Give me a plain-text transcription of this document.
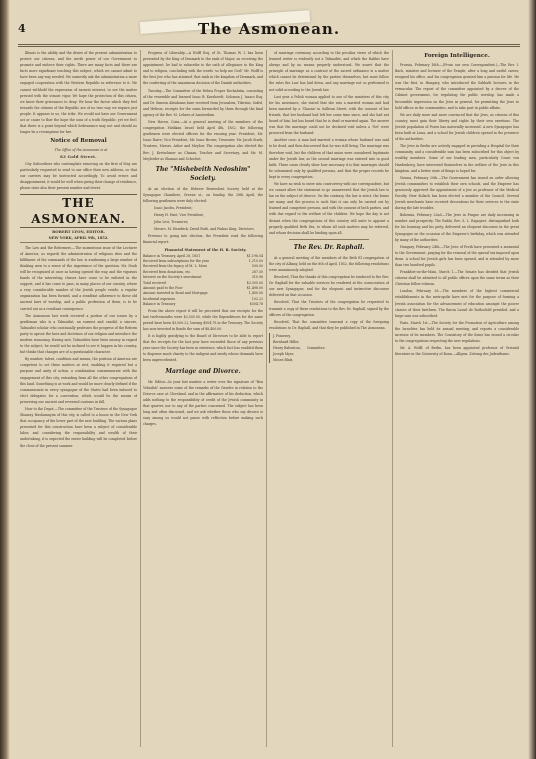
4	The Asmonean.

Illinois is the ability and the desire of the present administration to protect our citizens, and the worth power of our Government to promote and enforce their rights. There are many facts and there are facts more significant touching this subject, which we cannot admit to have been any way needed. We earnestly ask the administration a more engaged cooperation with the Western Republic in reference to it. We cannot withhold the expression of earnest interest, to see the matter pressed with the utmost vigor. We hope the protection of this citizen, we know their grievances to deny. We hear the factor which they feel towards the citizens of the Republic are of no true way we require just people. It appears to us, the tribe. We would not have our Government act or cause to flow the hope the sons of a truth Republic, yet we fee1 that there is a point beyond which forbearance may not and should no longer be a recompense for her.

Notice of Removal

The Office of the Asmonean is at

83 Gold Street.

City Subscribers who contemplate removing on the first of May are particularly requested to send to our office their new address, so that our carriers may be instructed accordingly. To avoid errors and disappointment, it would be well when giving their change of residence, please state also their present number and street.

THE ASMONEAN.
ROBERT LYON, EDITOR.
NEW YORK, APRIL 9th, 1852.

The Law and the Reformers.—The momentous issue of the Lecturer of America, as regards the administration of religious rites and the fulfilment of the commands of the law, is awakening a large number of thinking men to a sense of the importance of the question. Mr. Noah will be recognized at once as having opened the way, and the vigorous hands of the interesting classes have come to be enlisted in the support, and it has come to pass, in many places of our country, where a very considerable number of the Jewish people reside, a regular organization has been formed, and a steadfast adherence to these old ancient laws of worship, and a public profession of them, is to be carried out as a resultant consequence.

The Asmonean last week received a portion of our issues by a gentleman who is a Talmudist, an earnest and candid, a sincere, Talmudist scholar who continually professes the progress of the Reform party to uproot the laws and doctrines of our religion and introduce the modern reasoning. Having met, Talmudists have been uneasy in regard to the subject; he would not be inclined to see it happen in his country, but thinks that changes are of a questionable character.

By number, talent, condition and means, the position of America are competent to set these matters at rest, enabling it required but a purpose and unity of action, a combination commensurate with the engagement of this city, extending from all the other congregations of this land. Something is at work and would be more clearly defined if the communicants in every synagogue of the States had been induced to elect delegates for a convention, which would be the means of preserving our ancient and reverend customs in full.

How to the Depot.—The committee of the Trustees of the Synagogue Shaaray Hashamayim of this city, is called to a house in the New York that occupancy of the lower part of the new building. The various plans presented for this construction have been a subject of considerable labor, and considering the responsibility and wealth of their undertaking, it is expected the entire building will be completed before the close of the present summer.

Progress of Liberality.—A Wolff Esq. of St. Thomas W. I. has been presented by the King of Denmark to the rank of Major, on receiving the appointment, he had to subscribe to the oath of allegiance to the King and to religion, concluding with the words 'so help me God!' Mr. Wolff is the first Jew who has attained, that rank in the kingdom of Denmark, and the conferring of the unanimous decision of the Danish authorities.

Tuesday.—The Committee of the Hebra Proper Rechabrim, consisting of the venerable and learned Isaac B. Kursheedt, Solomon J. Isaacs Esq. and Dr. Simeon Abrahams have received from Jerusalem, Tiberias, Safed, and Hebron, receipts for the sums forwarded by them through the kind agency of the Rev. M. Lehren of Amsterdam.

New Haven, Conn.—At a general meeting of the members of the congregation Mishkan Israel held April 4th, 1852, the following gentlemen were elected officers for the ensuing year: President, Mr. Isaac Raive; Vice President, Mr. Isaac Brown; Treasurer, Mr. Jacob Stark; Trustees, Messrs. Asher and Meylow. The congregation also elected the Rev. J. Kretschmer as Chazan, Teacher and Secretary, and Mr. M. Meyleider as Shamas and Schochet.

The "Mishebeith Nedoshim" Society.

At an election of the Hebrew Benevolent Society held at the Synagogue Chambers, Greene st., on Sunday, the 28th April, the following gentlemen were duly elected:

Isaac Jacobs, President;

Henry H. Hart, Vice President;

John Levi, Treasurer;

Messrs. M. Hendrick, David Ruth, and Pinkus King, Directors.

Previous to going into election, the President read the following financial report:

Financial Statement of the H. B. Society.

Balance in Treasury, April 28, 1851	$1,196.54
Received from subscriptions for the year	1,210.00
Received from the legacy of M. L. Moss	500.00
Received from donations, etc.	287.50
Interest on the Society's investment	310.96
Total received	$3,505.00
Amount paid to the Poor	$1,498.00
Amount invested in Bond and Mortgage	1,400.00
Incidental expenses	102.22
Balance in Treasury	$504.78

From the above report it will be perceived that our receipts for the last twelvemonths were $3,505.00, while the Expenditures for the same period have been $3,000.22, leaving $504.78 in the Treasury. The Society has now invested in Bonds the sum of $8,400.00.

It is highly gratifying to the Board of Directors to be able to report that the receipts for the last year have exceeded those of any previous year since the Society has been in existence, which fact has enabled them to dispense much charity to the indigent and needy whose demands have been unprecedented.

Marriage and Divorce.

Mr. Editor—In your last number a writer over the signature of "Ben Yehudah" answers some of the remarks of the Gazette in relation to the Divorce case at Cleveland, and in the affirmative of his deduction, which adds nothing to the responsibility of credit of the Jewish community in that quarter, nor to any of the parties concerned. The subject has been long and often discussed, and we ask whether those who say divorce is easy among us would not pause with reflection before making such charges.

of marriage ceremony according to the peculiar views of which the learned writer is evidently not a Talmudist, and which the Rabbis have always and by no means properly understood. We assert that the principle of marriage as a contract of the sacred ordinance is a matter which cannot be determined by the parties themselves, but must follow the rules the Law has laid down, and any marriage not so performed is not valid according to the Jewish law.

Last year a Polish woman applied to one of the ministers of this city for his assistance, she stated that she was a married woman and had been married by a 'Chazan' in Sullivan Street, with the consent of her friends, that her husband had left her some time since, and she had not heard of him, but has heard that he is dead or married again. The answer was that the marriage could not be declared void unless a 'Get' were procured from the husband.

Another case: A man had married a woman whose husband was said to be dead, and then discovered that he was still living. The marriage was therefore void, but the children of that union were considered legitimate under the Jewish law, as the second marriage was entered into in good faith. These cases clearly show how necessary it is that marriages should be solemnized only by qualified persons, and that the proper records be kept in every congregation.

We have no wish to enter into controversy with our correspondent, but we cannot allow the statement to go unanswered that the Jewish law is lax on the subject of divorce. On the contrary, the law is strict, the forms are many, and the process is such that it can only be carried out by learned and competent persons, and with the consent of both parties, and with due regard to the welfare of the children. We hope the day is not distant when the congregations of this country will unite to appoint a properly qualified Beth Din, to whom all such matters may be referred, and whose decision shall be binding upon all.

The Rev. Dr. Raphall.

At a general meeting of the members of the Beth El congregation of the city of Albany, held on the 8th of April, 1852, the following resolutions were unanimously adopted.

Resolved, That the thanks of this congregation be tendered to the Rev. Dr. Raphall for the valuable services he rendered at the consecration of our new Synagogue, and for the eloquent and instructive discourse delivered on that occasion.

Resolved, That the Trustees of the congregation be requested to transmit a copy of these resolutions to the Rev. Dr. Raphall, signed by the officers of the congregation.

Resolved, That the committee transmit a copy of the foregoing resolutions to Dr. Raphall, and that they be published in The Asmonean.

J. Pomeroy,
Bernhard Hiller,
Henry Rahenton,
Joseph Myer,
Moses Blatt,
Committee.
Foreign Intelligence.

Prussia, February 16th.—(From our own Correspondent.)—The Rev. I. Bach, minister and lecturer of the Temple, after a long and useful career, resigned his office, and his congregation granted him a pension for life. He was the first, in Hungary, who introduced the Sabbath lectures in the vernacular. The report of the committee appointed by a decree of the Cabinet government, for regulating the public worship, has made a favourable impression on the Jews in general, for permitting the Jews to hold offices in the communities, and to take part in public affairs.

We are daily more and more convinced that the Jews, as citizens of this country, must gain their liberty and rights by their own exertions. The Jewish population of Posen has materially increased. A new Synagogue has been built at Lissa, and a school for Jewish children opened in the presence of the authorities.

The Jews in Berlin are actively engaged in providing a Hospital for their community, and a considerable sum has been subscribed for this object by wealthy members. Some of our leading men, particularly Count von Hardenberg, have interested themselves in the welfare of the Jews in this kingdom, and a better state of things is hoped for.

Vienna, February 20th.—The Government has issued an order allowing Jewish communities to establish their own schools, and the Emperor has graciously approved the appointment of a Jew as professor of the Medical Faculty. Herr Kolisch has been elected a member of the Council. Several Jewish merchants have received decorations for their services to the state during the late troubles.

Bohemia, February 22nd.—The Jews in Prague are daily increasing in number and prosperity. The Rabbi, Rev. S. L. Rapoport, distinguished both for his learning and his piety, delivered an eloquent discourse in the great Synagogue on the occasion of the Emperor's birthday, which was attended by many of the authorities.

Hungary, February 24th.—The Jews of Pesth have presented a memorial to the Government, praying for the removal of the special tax imposed upon them. A school for Jewish girls has been opened, and is attended by more than two hundred pupils.

Frankfort-on-the-Main, March 1.—The Senate has decided that Jewish citizens shall be admitted to all public offices upon the same terms as their Christian fellow-citizens.

London, February 28.—The members of the highest commercial establishments in the metropolis have met for the purpose of forming a Jewish association for the advancement of education amongst the poorer classes of their brethren. The Baron Lionel de Rothschild presided, and a large sum was subscribed.

Paris, March 1st.—The Society for the Promotion of Agriculture among the Israelites has held its annual meeting, and reports a considerable increase of its members. The Consistory of the Seine has issued a circular to the congregations respecting the new regulations.

Mr. A. Wolff, of Berlin, has been appointed professor of Oriental literature in the University of Bonn.—Allgem. Zeitung des Judenthums.
